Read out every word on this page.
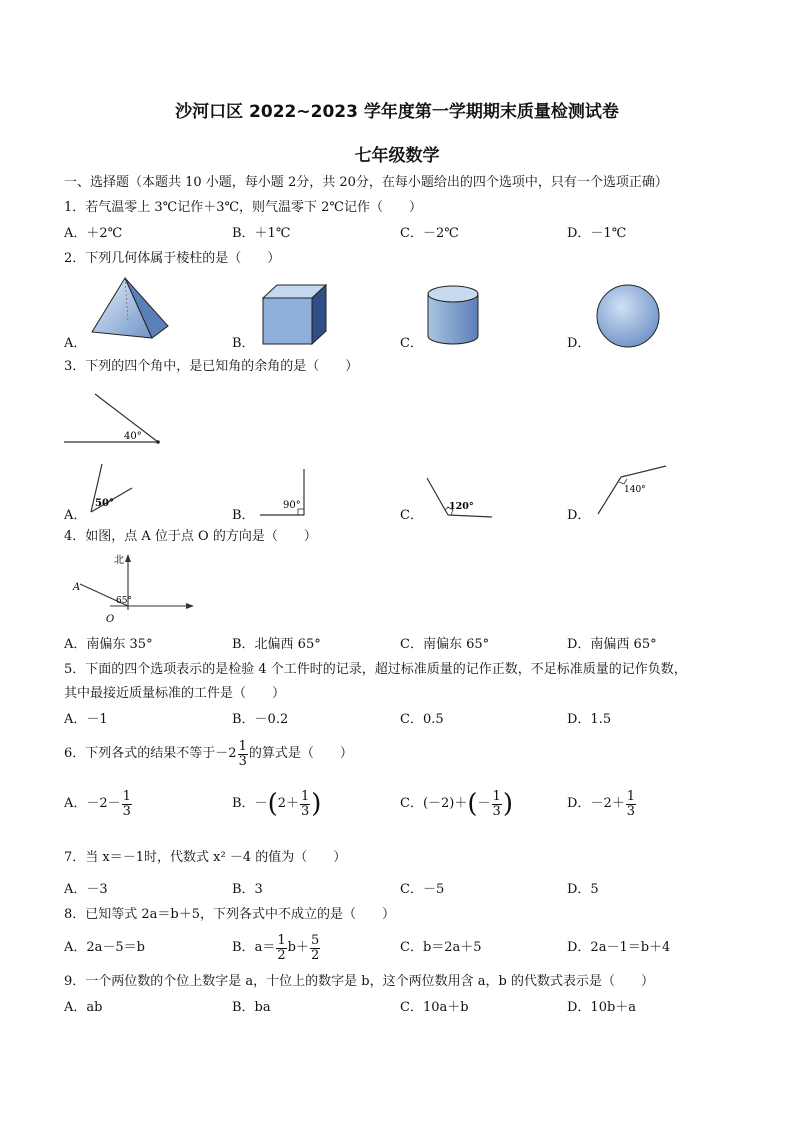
沙河口区 2022~2023 学年度第一学期期末质量检测试卷
七年级数学
一、选择题（本题共 10 小题，每小题 2分，共 20分，在每小题给出的四个选项中，只有一个选项正确）
1．若气温零上 3℃记作＋3℃，则气温零下 2℃记作（　　）
A．＋2℃	B．＋1℃	C．－2℃	D．－1℃
2．下列几何体属于棱柱的是（　　）
A．	B．	C．	D．
3．下列的四个角中，是已知角的余角的是（　　）
40°
A．	B．	C．	D．
50°	90°	120°
140°
4．如图，点 A 位于点 O 的方向是（　　）
北
A
O
65°
A．南偏东 35°	B．北偏西 65°	C．南偏东 65°	D．南偏西 65°
5．下面的四个选项表示的是检验 4 个工件时的记录，超过标准质量的记作正数，不足标准质量的记作负数，
其中最接近质量标准的工件是（　　）
A．－1	B．－0.2	C．0.5	D．1.5
6．下列各式的结果不等于 $-2 \frac{1}{3}$ 的算式是（　　）
A． $-2- \frac{1}{3}$	B． － ( $2+ \frac{1}{3}$ )	C． (－2)＋ ( － $\frac{1}{3}$ )	D． $-2+ \frac{1}{3}$
7．当 x＝－1时，代数式 x² －4 的值为（　　）
A．－3	B．3	C．－5	D．5
8．已知等式 2a＝b＋5，下列各式中不成立的是（　　）
A．2a－5＝b	B． $a= \frac{1}{2} b+ \frac{5}{2}$	C．b＝2a＋5	D．2a－1＝b＋4
9．一个两位数的个位上数字是 a，十位上的数字是 b，这个两位数用含 a，b 的代数式表示是（　　）
A．ab	B．ba	C．10a＋b	D．10b＋a
